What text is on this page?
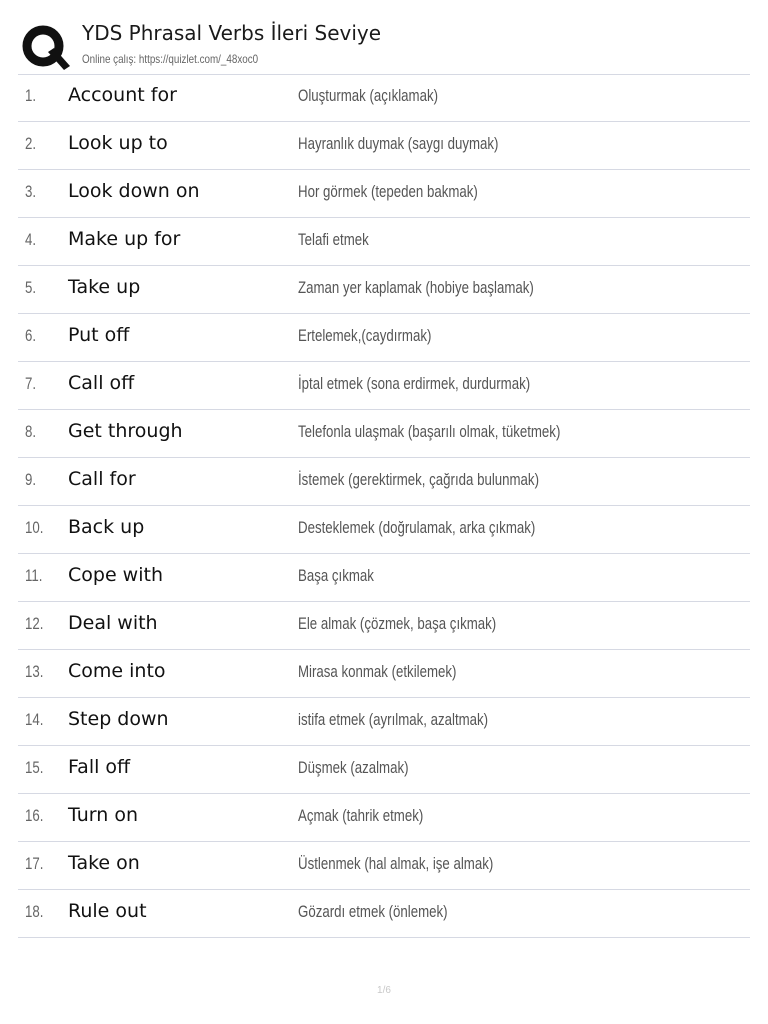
YDS Phrasal Verbs İleri Seviye
Online çalış: https://quizlet.com/_48xoc0
1. Account for	Oluşturmak (açıklamak)
2. Look up to	Hayranlık duymak (saygı duymak)
3. Look down on	Hor görmek (tepeden bakmak)
4. Make up for	Telafi etmek
5. Take up	Zaman yer kaplamak (hobiye başlamak)
6. Put off	Ertelemek,(caydırmak)
7. Call off	İptal etmek (sona erdirmek, durdurmak)
8. Get through	Telefonla ulaşmak (başarılı olmak, tüketmek)
9. Call for	İstemek (gerektirmek, çağrıda bulunmak)
10. Back up	Desteklemek (doğrulamak, arka çıkmak)
11. Cope with	Başa çıkmak
12. Deal with	Ele almak (çözmek, başa çıkmak)
13. Come into	Mirasa konmak (etkilemek)
14. Step down	istifa etmek (ayrılmak, azaltmak)
15. Fall off	Düşmek (azalmak)
16. Turn on	Açmak (tahrik etmek)
17. Take on	Üstlenmek (hal almak, işe almak)
18. Rule out	Gözardı etmek (önlemek)
1/6
